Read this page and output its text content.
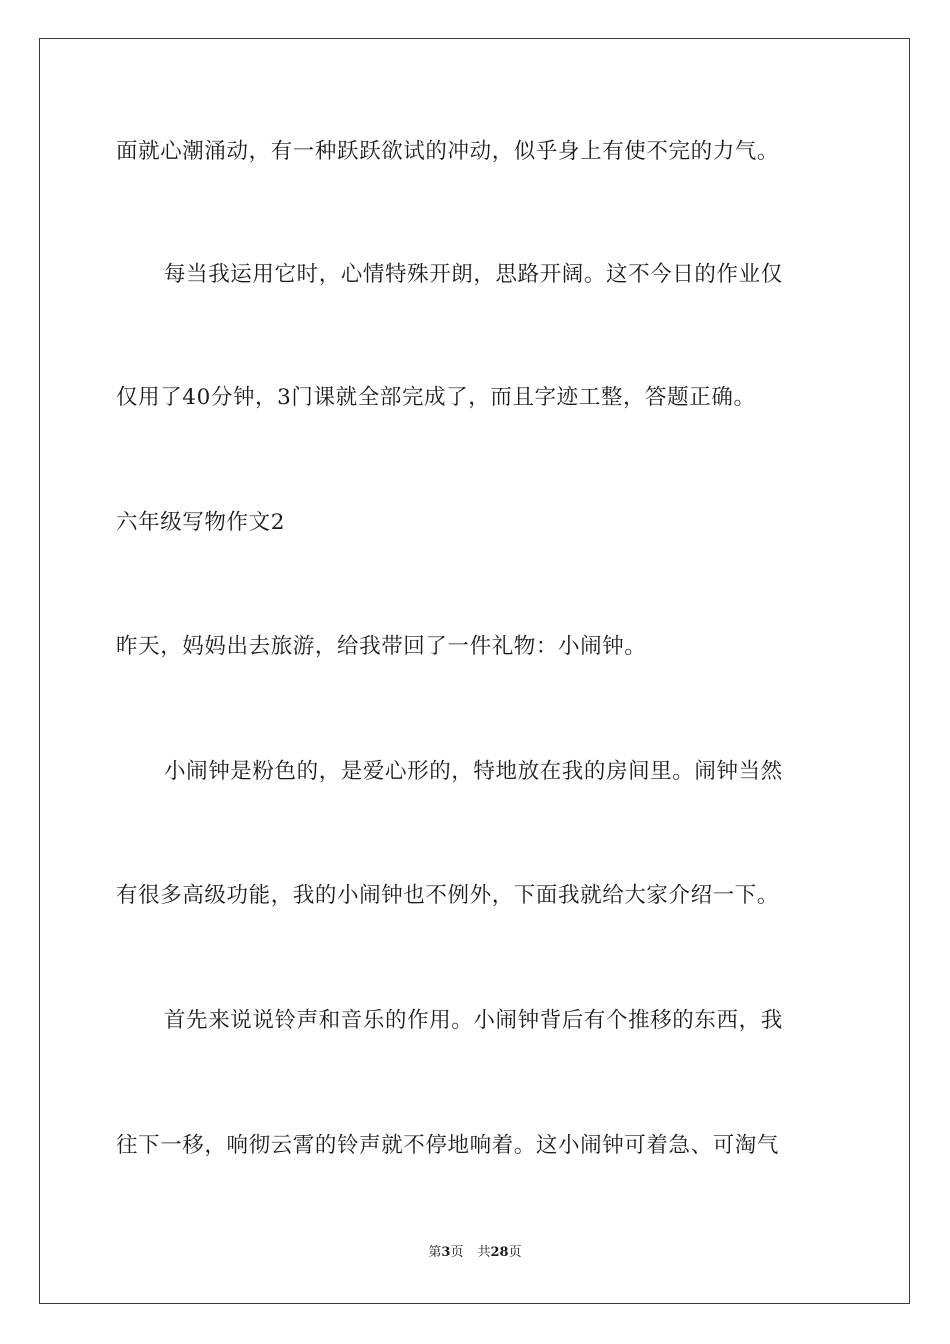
面就心潮涌动，有一种跃跃欲试的冲动，似乎身上有使不完的力气。
每当我运用它时，心情特殊开朗，思路开阔。这不今日的作业仅
仅用了40分钟，3门课就全部完成了，而且字迹工整，答题正确。
六年级写物作文2
昨天，妈妈出去旅游，给我带回了一件礼物：小闹钟。
小闹钟是粉色的，是爱心形的，特地放在我的房间里。闹钟当然
有很多高级功能，我的小闹钟也不例外，下面我就给大家介绍一下。
首先来说说铃声和音乐的作用。小闹钟背后有个推移的东西，我
往下一移，响彻云霄的铃声就不停地响着。这小闹钟可着急、可淘气
第3页 共28页
